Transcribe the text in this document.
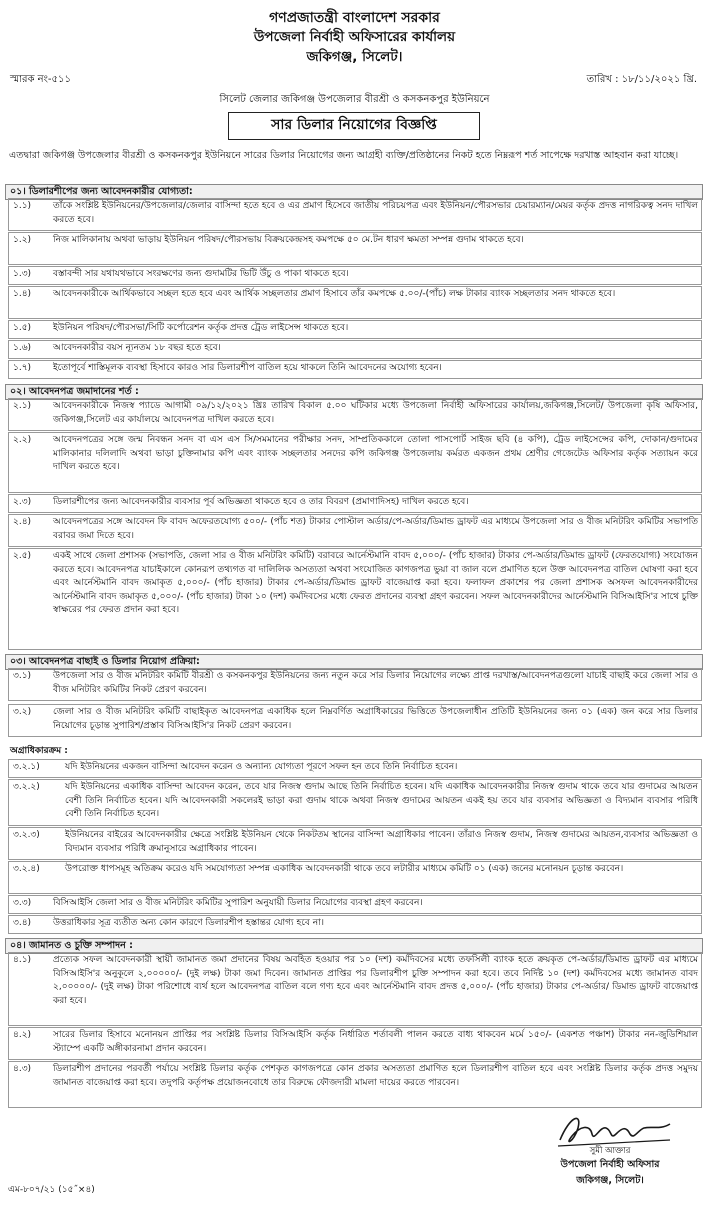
গণপ্রজাতন্ত্রী বাংলাদেশ সরকার
উপজেলা নির্বাহী অফিসারের কার্যালয়
জকিগঞ্জ, সিলেট।
স্মারক নং-৫১১	তারিখ : ১৮/১১/২০২১ খ্রি.
সিলেট জেলার জকিগঞ্জ উপজেলার বীরশ্রী ও কসকনকপুর ইউনিয়নে
সার ডিলার নিয়োগের বিজ্ঞপ্তি
এতদ্বারা জকিগঞ্জ উপজেলার বীরশ্রী ও কসকনকপুর ইউনিয়নে সারের ডিলার নিয়োগের জন্য আগ্রহী ব্যক্তি/প্রতিষ্ঠানের নিকট হতে নিম্নরূপ শর্ত সাপেক্ষে দরখাস্ত আহবান করা যাচ্ছে।
০১। ডিলারশীপের জন্য আবেদনকারীর যোগ্যতা:
১.১)	তাঁকে সংশ্লিষ্ট ইউনিয়নের/উপজেলার/জেলার বাসিন্দা হতে হবে ও এর প্রমাণ হিসেবে জাতীয় পরিচয়পত্র এবং ইউনিয়ন/পৌরসভার চেয়ারম্যান/মেয়র কর্তৃক প্রদত্ত নাগরিকত্ব সনদ দাখিল করতে হবে।
১.২)	নিজ মালিকানায় অথবা ভাড়ায় ইউনিয়ন পরিষদ/পৌরসভায় বিক্রয়কেন্দ্রসহ কমপক্ষে ৫০ মে.টন ধারণ ক্ষমতা সম্পন্ন গুদাম থাকতে হবে।
১.৩)	বস্তাবন্দী সার যথাযথভাবে সংরক্ষণের জন্য গুদামটির ভিটি উঁচু ও পাকা থাকতে হবে।
১.৪)	আবেদনকারীকে আর্থিকভাবে সচ্ছল হতে হবে এবং আর্থিক সচ্ছলতার প্রমাণ হিসাবে তাঁর কমপক্ষে ৫.০০/-(পাঁচ) লক্ষ টাকার ব্যাংক সচ্ছলতার সনদ থাকতে হবে।
১.৫)	ইউনিয়ন পরিষদ/পৌরসভা/সিটি কর্পোরেশন কর্তৃক প্রদত্ত ট্রেড লাইসেন্স থাকতে হবে।
১.৬)	আবেদনকারীর বয়স ন্যূনতম ১৮ বছর হতে হবে।
১.৭)	ইতোপূর্বে শাস্তিমূলক ব্যবস্থা হিসাবে কারও সার ডিলারশীপ বাতিল হয়ে থাকলে তিনি আবেদনের অযোগ্য হবেন।
০২। আবেদনপত্র জমাদানের শর্ত :
২.১)	আবেদনকারীকে নিজস্ব প্যাডে আগামী ০৯/১২/২০২১ খ্রিঃ তারিখ বিকাল ৫.০০ ঘটিকার মধ্যে উপজেলা নির্বাহী অফিসারের কার্যালয়,জকিগঞ্জ,সিলেট/ উপজেলা কৃষি অফিসার, জকিগঞ্জ,সিলেট এর কার্যালয়ে আবেদনপত্র দাখিল করতে হবে।
২.২)	আবেদনপত্রের সঙ্গে জন্ম নিবন্ধন সনদ বা এস এস সি/সমমানের পরীক্ষার সনদ, সাম্প্রতিককালে তোলা পাসপোর্ট সাইজ ছবি (৪ কপি), ট্রেড লাইসেন্সের কপি, দোকান/গুদামের মালিকানার দলিলাদি অথবা ভাড়া চুক্তিনামার কপি এবং ব্যাংক সচ্ছলতার সনদের কপি জকিগঞ্জ উপজেলায় কর্মরত একজন প্রথম শ্রেণীর গেজেটেড অফিসার কর্তৃক সত্যায়ন করে দাখিল করতে হবে।
২.৩)	ডিলারশীপের জন্য আবেদনকারীর ব্যবসার পূর্ব অভিজ্ঞতা থাকতে হবে ও তার বিবরণ (প্রমাণাদিসহ) দাখিল করতে হবে।
২.৪)	আবেদনপত্রের সঙ্গে আবেদন ফি বাবদ অফেরতযোগ্য ৫০০/- (পাঁচ শত) টাকার পোস্টাল অর্ডার/পে-অর্ডার/ডিমান্ড ড্রাফট এর মাধ্যমে উপজেলা সার ও বীজ মনিটরিং কমিটির সভাপতি বরাবর জমা দিতে হবে।
২.৫)	একই সাথে জেলা প্রশাসক (সভাপতি, জেলা সার ও বীজ মনিটরিং কমিটি) বরাবরে আর্নেস্টমানি বাবদ ৫,০০০/- (পাঁচ হাজার) টাকার পে-অর্ডার/ডিমান্ড ড্রাফট (ফেরতযোগ্য) সংযোজন করতে হবে। আবেদনপত্র যাচাইকালে কোনরূপ তথ্যগত বা দালিলিক অসত্যতা অথবা সংযোজিত কাগজপত্র ভুয়া বা জাল বলে প্রমাণিত হলে উক্ত আবেদনপত্র বাতিল ঘোষণা করা হবে এবং আর্নেস্টমানি বাবদ জমাকৃত ৫,০০০/- (পাঁচ হাজার) টাকার পে-অর্ডার/ডিমান্ড ড্রাফট বাজেয়াপ্ত করা হবে। ফলাফল প্রকাশের পর জেলা প্রশাসক অসফল আবেদনকারীদের আর্নেস্টমানি বাবদ জমাকৃত ৫,০০০/- (পাঁচ হাজার) টাকা ১০ (দশ) কর্মদিবসের মধ্যে ফেরত প্রদানের ব্যবস্থা গ্রহণ করবেন। সফল আবেদনকারীদের আর্নেস্টমানি বিসিআইসি'র সাথে চুক্তি স্বাক্ষরের পর ফেরত প্রদান করা হবে।
০৩। আবেদনপত্র বাছাই ও ডিলার নিয়োগ প্রক্রিয়া:
৩.১)	উপজেলা সার ও বীজ মনিটরিং কমিটি বীরশ্রী ও কসকনকপুর ইউনিয়নের জন্য নতুন করে সার ডিলার নিয়োগের লক্ষ্যে প্রাপ্ত দরখাস্ত/আবেদনপত্রগুলো যাচাই বাছাই করে জেলা সার ও বীজ মনিটরিং কমিটির নিকট প্রেরণ করবেন।
৩.২)	জেলা সার ও বীজ মনিটরিং কমিটি বাছাইকৃত আবেদনপত্র একাধিক হলে নিম্নবর্ণিত অগ্রাধিকারের ভিত্তিতে উপজেলাধীন প্রতিটি ইউনিয়নের জন্য ০১ (এক) জন করে সার ডিলার নিয়োগের চূড়ান্ত সুপারিশ/প্রস্তাব বিসিআইসি'র নিকট প্রেরণ করবেন।
অগ্রাধিকারক্রম :
৩.২.১)	যদি ইউনিয়নের একজন বাসিন্দা আবেদন করেন ও অন্যান্য যোগ্যতা পূরণে সফল হন তবে তিনি নির্বাচিত হবেন।
৩.২.২)	যদি ইউনিয়নের একাধিক বাসিন্দা আবেদন করেন, তবে যার নিজস্ব গুদাম আছে তিনি নির্বাচিত হবেন। যদি একাধিক আবেদনকারীর নিজস্ব গুদাম থাকে তবে যার গুদামের আয়তন বেশী তিনি নির্বাচিত হবেন। যদি আবেদনকারী সকলেরই ভাড়া করা গুদাম থাকে অথবা নিজস্ব গুদামের আয়তন একই হয় তবে যার ব্যবসার অভিজ্ঞতা ও বিদ্যমান ব্যবসার পরিধি বেশী তিনি নির্বাচিত হবেন।
৩.২.৩)	ইউনিয়নের বাইরের আবেদনকারীর ক্ষেত্রে সংশ্লিষ্ট ইউনিয়ন থেকে নিকটতম স্থানের বাসিন্দা অগ্রাধিকার পাবেন। তাঁরাও নিজস্ব গুদাম, নিজস্ব গুদামের আয়তন,ব্যবসার অভিজ্ঞতা ও বিদ্যমান ব্যবসার পরিধি ক্রমানুসারে অগ্রাধিকার পাবেন।
৩.২.৪)	উপরোক্ত ধাপসমূহ অতিক্রম করেও যদি সমযোগ্যতা সম্পন্ন একাধিক আবেদনকারী থাকে তবে লটারীর মাধ্যমে কমিটি ০১ (এক) জনের মনোনয়ন চূড়ান্ত করবেন।
৩.৩)	বিসিআইসি জেলা সার ও বীজ মনিটরিং কমিটির সুপারিশ অনুযায়ী ডিলার নিয়োগের ব্যবস্থা গ্রহণ করবেন।
৩.৪)	উত্তরাধিকার সূত্র ব্যতীত অন্য কোন কারণে ডিলারশীপ হস্তান্তর যোগ্য হবে না।
০৪। জামানত ও চুক্তি সম্পাদন :
৪.১)	প্রত্যেক সফল আবেদনকারী স্থায়ী জামানত জমা প্রদানের বিষয় অবহিত হওয়ার পর ১০ (দশ) কর্মদিবসের মধ্যে তফসিলী ব্যাংক হতে ক্রয়কৃত পে-অর্ডার/ডিমান্ড ড্রাফট এর মাধ্যমে বিসিআইসি'র অনুকূলে ২,০০০০০/- (দুই লক্ষ) টাকা জমা দিবেন। জামানত প্রাপ্তির পর ডিলারশীপ চুক্তি সম্পাদন করা হবে। তবে নির্দিষ্ট ১০ (দশ) কর্মদিবসের মধ্যে জামানত বাবদ ২,০০০০০/- (দুই লক্ষ) টাকা পরিশোধে ব্যর্থ হলে আবেদনপত্র বাতিল বলে গণ্য হবে এবং আর্নেস্টমানি বাবদ প্রদত্ত ৫,০০০/- (পাঁচ হাজার) টাকার পে-অর্ডার/ ডিমান্ড ড্রাফট বাজেয়াপ্ত করা হবে।
৪.২)	সারের ডিলার হিসাবে মনোনয়ন প্রাপ্তির পর সংশ্লিষ্ট ডিলার বিসিআইসি কর্তৃক নির্ধারিত শর্তাবলী পালন করতে বাধ্য থাকবেন মর্মে ১৫০/- (একশত পঞ্চাশ) টাকার নন-জুডিশিয়াল স্ট্যাম্পে একটি অঙ্গীকারনামা প্রদান করবেন।
৪.৩)	ডিলারশীপ প্রদানের পরবর্তী পর্যায়ে সংশ্লিষ্ট ডিলার কর্তৃক পেশকৃত কাগজপত্রে কোন প্রকার অসত্যতা প্রমাণিত হলে ডিলারশীপ বাতিল হবে এবং সংশ্লিষ্ট ডিলার কর্তৃক প্রদত্ত সমুদয় জামানত বাজেয়াপ্ত করা হবে। তদুপরি কর্তৃপক্ষ প্রয়োজনবোধে তার বিরুদ্ধে ফৌজদারী মামলা দায়ের করতে পারবেন।
সুমী আক্তার
উপজেলা নির্বাহী অফিসার
জকিগঞ্জ, সিলেট।
এম-৮০৭/২১ (১৫˝×৪)
